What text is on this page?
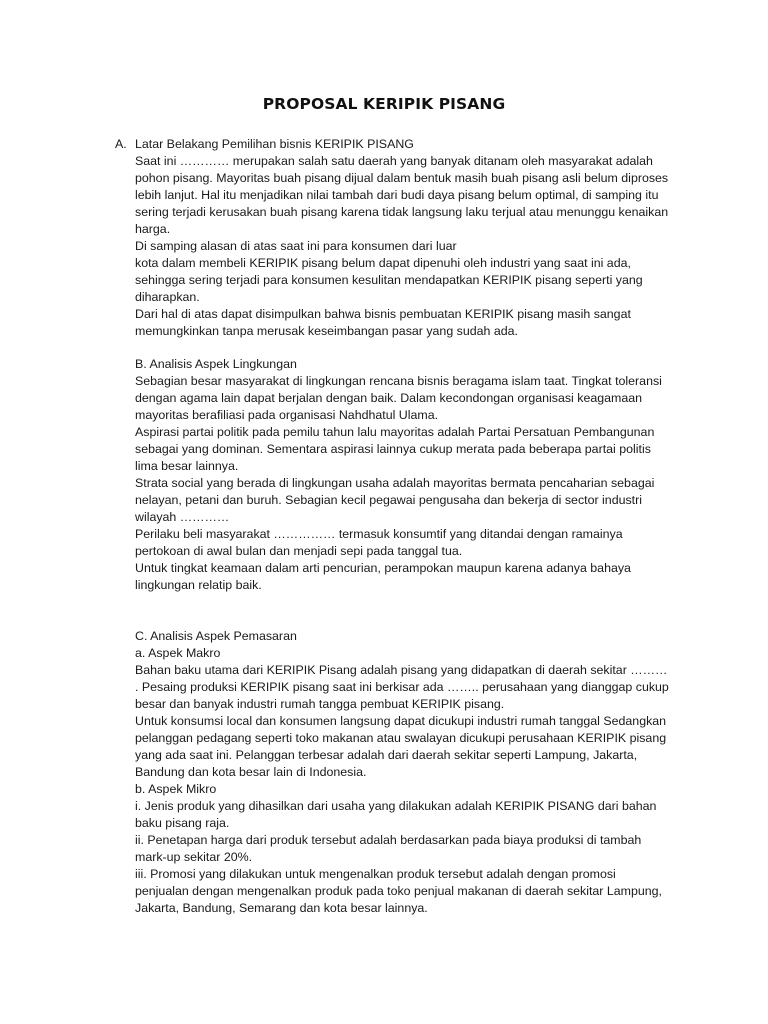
PROPOSAL KERIPIK PISANG
A. Latar Belakang Pemilihan bisnis KERIPIK PISANG
Saat ini ………… merupakan salah satu daerah yang banyak ditanam oleh masyarakat adalah
pohon pisang. Mayoritas buah pisang dijual dalam bentuk masih buah pisang asli belum diproses
lebih lanjut. Hal itu menjadikan nilai tambah dari budi daya pisang belum optimal, di samping itu
sering terjadi kerusakan buah pisang karena tidak langsung laku terjual atau menunggu kenaikan
harga.
Di samping alasan di atas saat ini para konsumen dari luar
kota dalam membeli KERIPIK pisang belum dapat dipenuhi oleh industri yang saat ini ada,
sehingga sering terjadi para konsumen kesulitan mendapatkan KERIPIK pisang seperti yang
diharapkan.
Dari hal di atas dapat disimpulkan bahwa bisnis pembuatan KERIPIK pisang masih sangat
memungkinkan tanpa merusak keseimbangan pasar yang sudah ada.
B. Analisis Aspek Lingkungan
Sebagian besar masyarakat di lingkungan rencana bisnis beragama islam taat. Tingkat toleransi
dengan agama lain dapat berjalan dengan baik. Dalam kecondongan organisasi keagamaan
mayoritas berafiliasi pada organisasi Nahdhatul Ulama.
Aspirasi partai politik pada pemilu tahun lalu mayoritas adalah Partai Persatuan Pembangunan
sebagai yang dominan. Sementara aspirasi lainnya cukup merata pada beberapa partai politis
lima besar lainnya.
Strata social yang berada di lingkungan usaha adalah mayoritas bermata pencaharian sebagai
nelayan, petani dan buruh. Sebagian kecil pegawai pengusaha dan bekerja di sector industri
wilayah …………
Perilaku beli masyarakat …………… termasuk konsumtif yang ditandai dengan ramainya
pertokoan di awal bulan dan menjadi sepi pada tanggal tua.
Untuk tingkat keamaan dalam arti pencurian, perampokan maupun karena adanya bahaya
lingkungan relatip baik.
C. Analisis Aspek Pemasaran
a. Aspek Makro
Bahan baku utama dari KERIPIK Pisang adalah pisang yang didapatkan di daerah sekitar ………
. Pesaing produksi KERIPIK pisang saat ini berkisar ada …….. perusahaan yang dianggap cukup
besar dan banyak industri rumah tangga pembuat KERIPIK pisang.
Untuk konsumsi local dan konsumen langsung dapat dicukupi industri rumah tanggal Sedangkan
pelanggan pedagang seperti toko makanan atau swalayan dicukupi perusahaan KERIPIK pisang
yang ada saat ini. Pelanggan terbesar adalah dari daerah sekitar seperti Lampung, Jakarta,
Bandung dan kota besar lain di Indonesia.
b. Aspek Mikro
i. Jenis produk yang dihasilkan dari usaha yang dilakukan adalah KERIPIK PISANG dari bahan
baku pisang raja.
ii. Penetapan harga dari produk tersebut adalah berdasarkan pada biaya produksi di tambah
mark-up sekitar 20%.
iii. Promosi yang dilakukan untuk mengenalkan produk tersebut adalah dengan promosi
penjualan dengan mengenalkan produk pada toko penjual makanan di daerah sekitar Lampung,
Jakarta, Bandung, Semarang dan kota besar lainnya.
